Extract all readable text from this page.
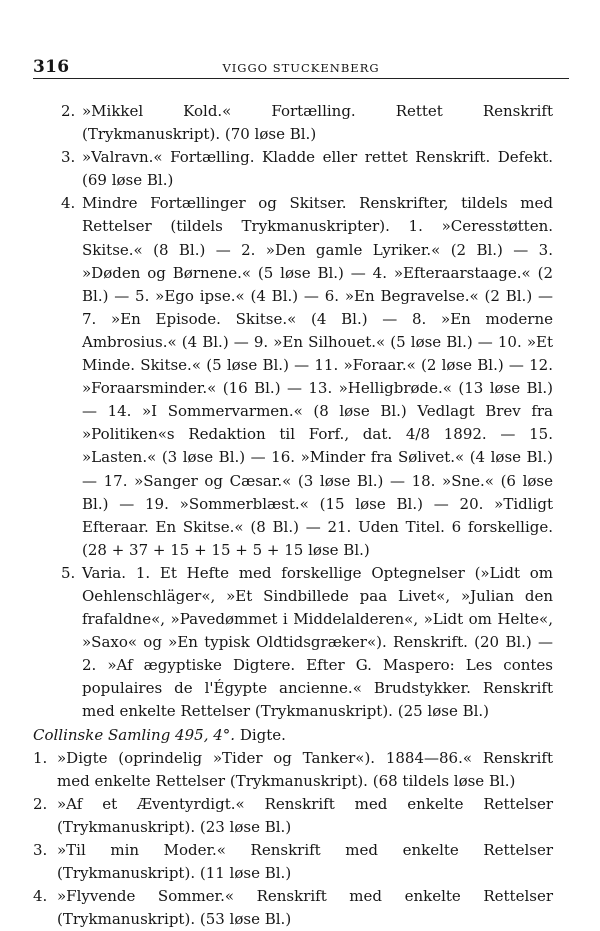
316	VIGGO STUCKENBERG
2. »Mikkel Kold.« Fortælling. Rettet Renskrift (Trykmanuskript). (70 løse Bl.)
3. »Valravn.« Fortælling. Kladde eller rettet Renskrift. Defekt. (69 løse Bl.)
4. Mindre Fortællinger og Skitser. Renskrifter, tildels med Rettelser (tildels Trykmanuskripter). 1. »Ceresstøtten. Skitse.« (8 Bl.) — 2. »Den gamle Lyriker.« (2 Bl.) — 3. »Døden og Børnene.« (5 løse Bl.) — 4. »Efteraarstaage.« (2 Bl.) — 5. »Ego ipse.« (4 Bl.) — 6. »En Begravelse.« (2 Bl.) — 7. »En Episode. Skitse.« (4 Bl.) — 8. »En moderne Ambrosius.« (4 Bl.) — 9. »En Silhouet.« (5 løse Bl.) — 10. »Et Minde. Skitse.« (5 løse Bl.) — 11. »Foraar.« (2 løse Bl.) — 12. »Foraarsminder.« (16 Bl.) — 13. »Helligbrøde.« (13 løse Bl.) — 14. »I Sommervarmen.« (8 løse Bl.) Vedlagt Brev fra »Politiken«s Redaktion til Forf., dat. 4/8 1892. — 15. »Lasten.« (3 løse Bl.) — 16. »Minder fra Sølivet.« (4 løse Bl.) — 17. »Sanger og Cæsar.« (3 løse Bl.) — 18. »Sne.« (6 løse Bl.) — 19. »Sommerblæst.« (15 løse Bl.) — 20. »Tidligt Efteraar. En Skitse.« (8 Bl.) — 21. Uden Titel. 6 forskellige. (28 + 37 + 15 + 15 + 5 + 15 løse Bl.)
5. Varia. 1. Et Hefte med forskellige Optegnelser (»Lidt om Oehlenschläger«, »Et Sindbillede paa Livet«, »Julian den frafaldne«, »Pavedømmet i Middelalderen«, »Lidt om Helte«, »Saxo« og »En typisk Oldtidsgræker«). Renskrift. (20 Bl.) — 2. »Af ægyptiske Digtere. Efter G. Maspero: Les contes populaires de l'Égypte ancienne.« Brudstykker. Renskrift med enkelte Rettelser (Trykmanuskript). (25 løse Bl.)

Collinske Samling 495, 4°. Digte.

1. »Digte (oprindelig »Tider og Tanker«). 1884—86.« Renskrift med enkelte Rettelser (Trykmanuskript). (68 tildels løse Bl.)
2. »Af et Æventyrdigt.« Renskrift med enkelte Rettelser (Trykmanuskript). (23 løse Bl.)
3. »Til min Moder.« Renskrift med enkelte Rettelser (Trykmanuskript). (11 løse Bl.)
4. »Flyvende Sommer.« Renskrift med enkelte Rettelser (Trykmanuskript). (53 løse Bl.)
